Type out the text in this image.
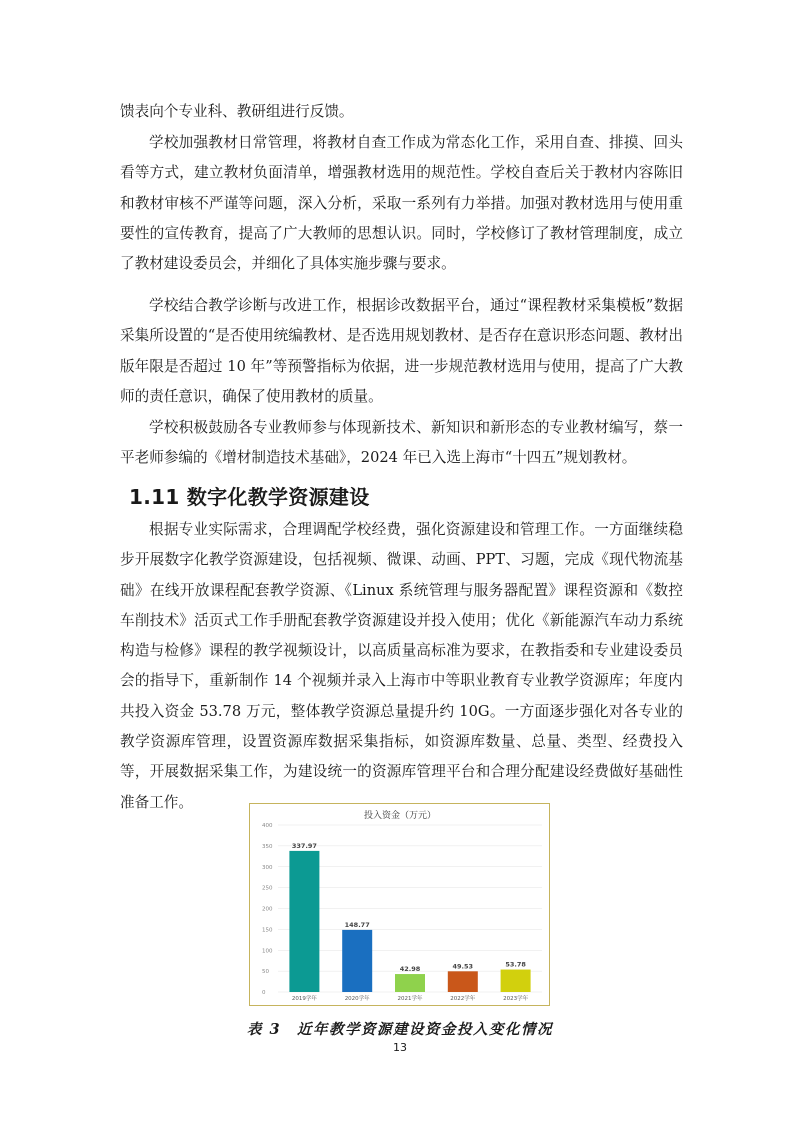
馈表向个专业科、教研组进行反馈。

学校加强教材日常管理，将教材自查工作成为常态化工作，采用自查、排摸、回头看等方式，建立教材负面清单，增强教材选用的规范性。学校自查后关于教材内容陈旧和教材审核不严谨等问题，深入分析，采取一系列有力举措。加强对教材选用与使用重要性的宣传教育，提高了广大教师的思想认识。同时，学校修订了教材管理制度，成立了教材建设委员会，并细化了具体实施步骤与要求。

学校结合教学诊断与改进工作，根据诊改数据平台，通过“课程教材采集模板”数据采集所设置的“是否使用统编教材、是否选用规划教材、是否存在意识形态问题、教材出版年限是否超过 10 年”等预警指标为依据，进一步规范教材选用与使用，提高了广大教师的责任意识，确保了使用教材的质量。

学校积极鼓励各专业教师参与体现新技术、新知识和新形态的专业教材编写，蔡一平老师参编的《增材制造技术基础》，2024 年已入选上海市“十四五”规划教材。

1.11 数字化教学资源建设

根据专业实际需求，合理调配学校经费，强化资源建设和管理工作。一方面继续稳步开展数字化教学资源建设，包括视频、微课、动画、PPT、习题，完成《现代物流基础》在线开放课程配套教学资源、《Linux 系统管理与服务器配置》课程资源和《数控车削技术》活页式工作手册配套教学资源建设并投入使用；优化《新能源汽车动力系统构造与检修》课程的教学视频设计，以高质量高标准为要求，在教指委和专业建设委员会的指导下，重新制作 14 个视频并录入上海市中等职业教育专业教学资源库；年度内共投入资金 53.78 万元，整体教学资源总量提升约 10G。一方面逐步强化对各专业的教学资源库管理，设置资源库数据采集指标，如资源库数量、总量、类型、经费投入等，开展数据采集工作，为建设统一的资源库管理平台和合理分配建设经费做好基础性准备工作。

投入资金（万元）
0
50
100
150
200
250
300
350
400
337.97
2019学年
148.77
2020学年
42.98
2021学年
49.53
2022学年
53.78
2023学年
表 3　近年教学资源建设资金投入变化情况
13
